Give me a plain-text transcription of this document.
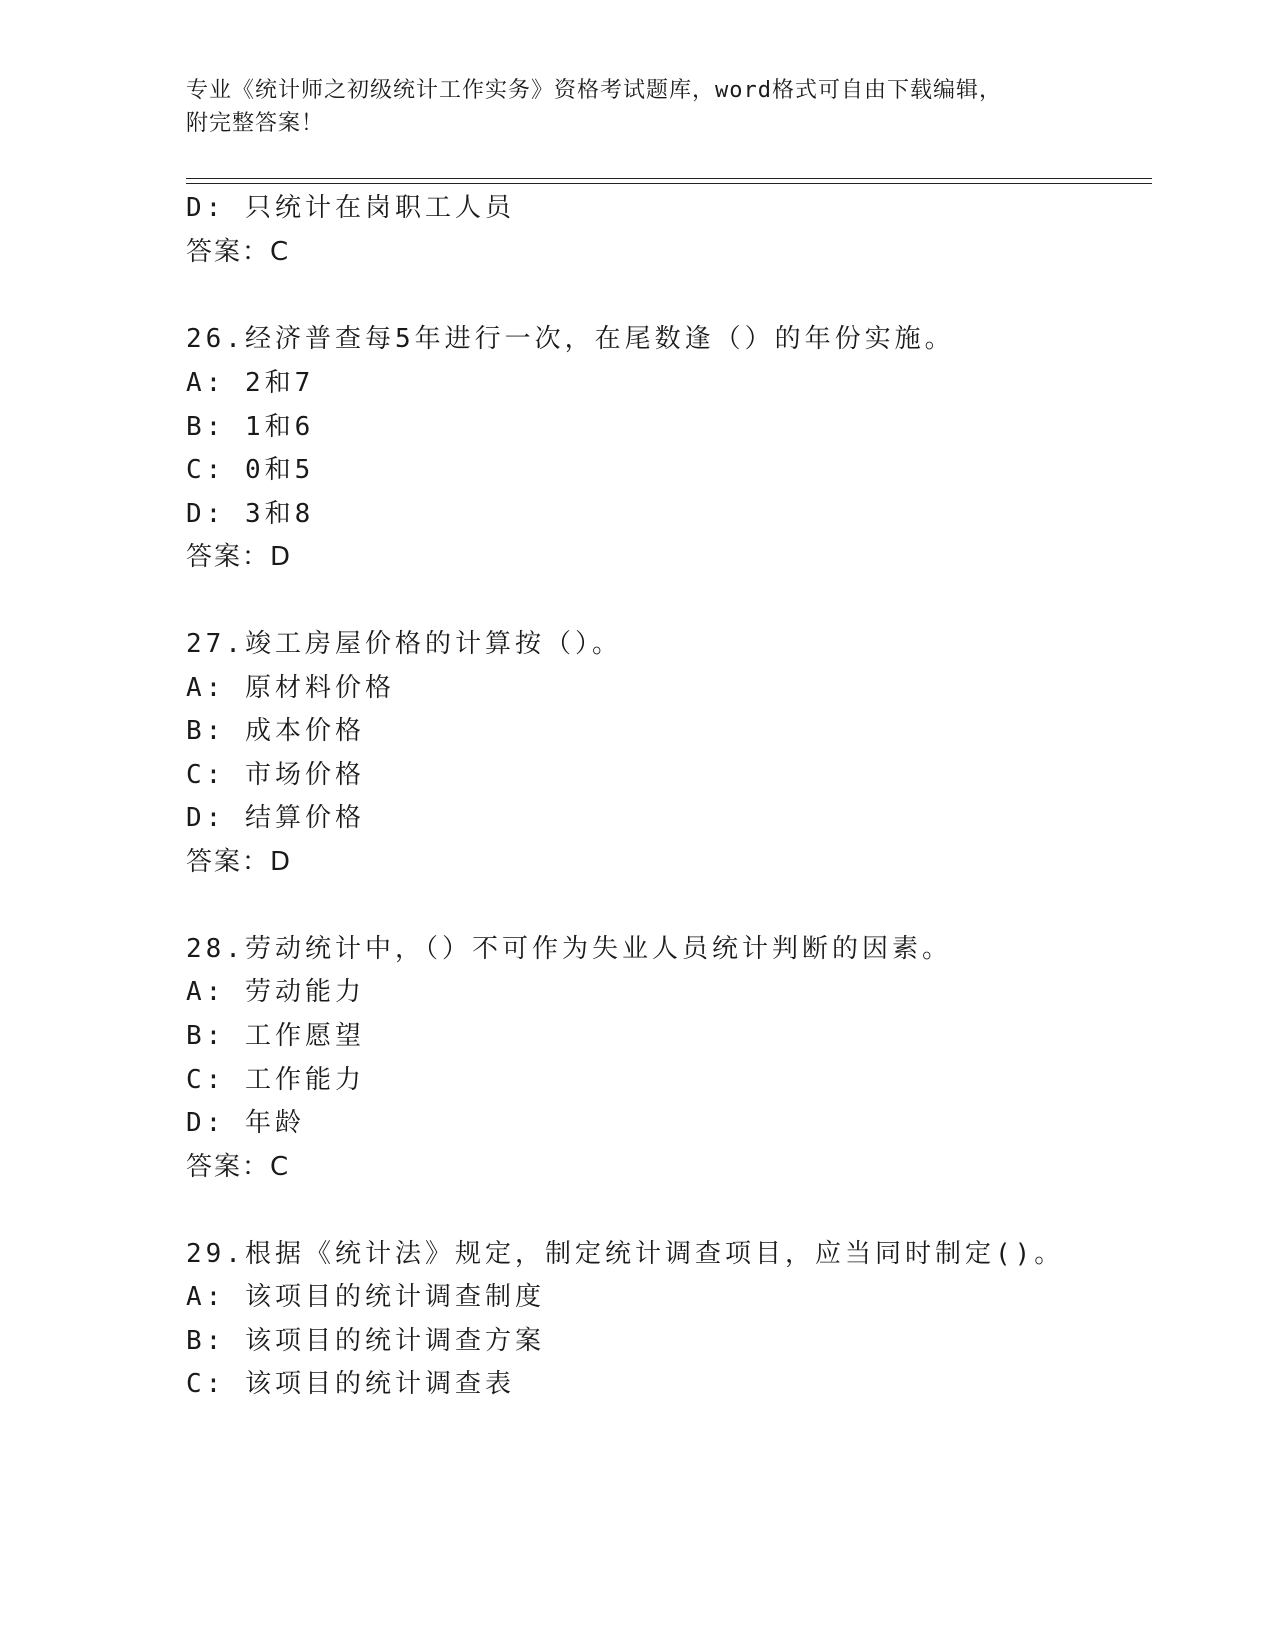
专业《统计师之初级统计工作实务》资格考试题库，word格式可自由下载编辑，
附完整答案！
D: 只统计在岗职工人员
答案：C
26.经济普查每5年进行一次，在尾数逢（）的年份实施。
A: 2和7
B: 1和6
C: 0和5
D: 3和8
答案：D
27.竣工房屋价格的计算按（）。
A: 原材料价格
B: 成本价格
C: 市场价格
D: 结算价格
答案：D
28.劳动统计中，（）不可作为失业人员统计判断的因素。
A: 劳动能力
B: 工作愿望
C: 工作能力
D: 年龄
答案：C
29.根据《统计法》规定，制定统计调查项目，应当同时制定()。
A: 该项目的统计调查制度
B: 该项目的统计调查方案
C: 该项目的统计调查表
